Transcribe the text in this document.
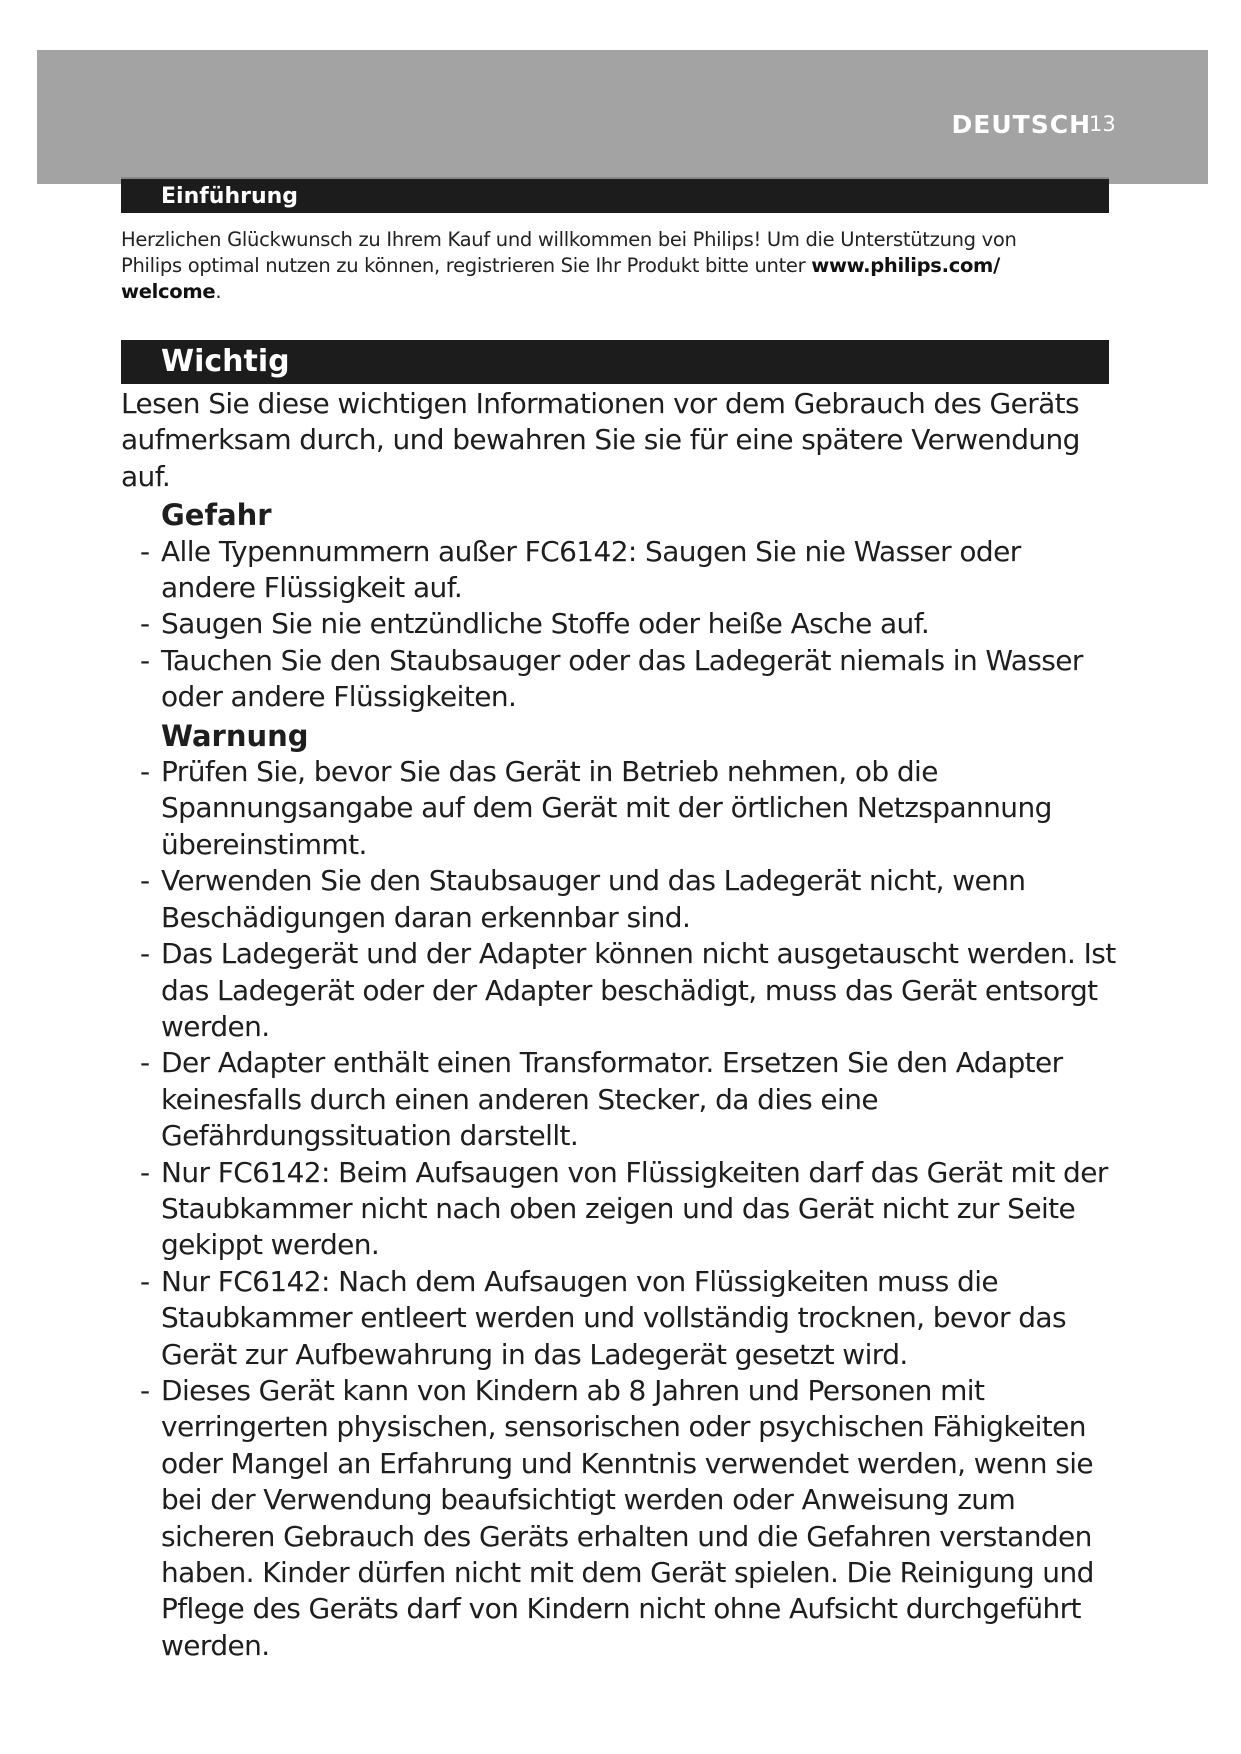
DEUTSCH
13
Einführung
Herzlichen Glückwunsch zu Ihrem Kauf und willkommen bei Philips! Um die Unterstützung von Philips optimal nutzen zu können, registrieren Sie Ihr Produkt bitte unter www.philips.com/
welcome.
Wichtig

Lesen Sie diese wichtigen Informationen vor dem Gebrauch des Geräts aufmerksam durch, und bewahren Sie sie für eine spätere Verwendung auf.

Gefahr
- Alle Typennummern außer FC6142: Saugen Sie nie Wasser oder andere Flüssigkeit auf.
- Saugen Sie nie entzündliche Stoffe oder heiße Asche auf.
- Tauchen Sie den Staubsauger oder das Ladegerät niemals in Wasser oder andere Flüssigkeiten.
Warnung
- Prüfen Sie, bevor Sie das Gerät in Betrieb nehmen, ob die Spannungsangabe auf dem Gerät mit der örtlichen Netzspannung übereinstimmt.
- Verwenden Sie den Staubsauger und das Ladegerät nicht, wenn Beschädigungen daran erkennbar sind.
- Das Ladegerät und der Adapter können nicht ausgetauscht werden. Ist das Ladegerät oder der Adapter beschädigt, muss das Gerät entsorgt werden.
- Der Adapter enthält einen Transformator. Ersetzen Sie den Adapter keinesfalls durch einen anderen Stecker, da dies eine Gefährdungssituation darstellt.
- Nur FC6142: Beim Aufsaugen von Flüssigkeiten darf das Gerät mit der Staubkammer nicht nach oben zeigen und das Gerät nicht zur Seite gekippt werden.
- Nur FC6142: Nach dem Aufsaugen von Flüssigkeiten muss die Staubkammer entleert werden und vollständig trocknen, bevor das Gerät zur Aufbewahrung in das Ladegerät gesetzt wird.
- Dieses Gerät kann von Kindern ab 8 Jahren und Personen mit verringerten physischen, sensorischen oder psychischen Fähigkeiten oder Mangel an Erfahrung und Kenntnis verwendet werden, wenn sie bei der Verwendung beaufsichtigt werden oder Anweisung zum sicheren Gebrauch des Geräts erhalten und die Gefahren verstanden haben. Kinder dürfen nicht mit dem Gerät spielen. Die Reinigung und Pflege des Geräts darf von Kindern nicht ohne Aufsicht durchgeführt werden.
